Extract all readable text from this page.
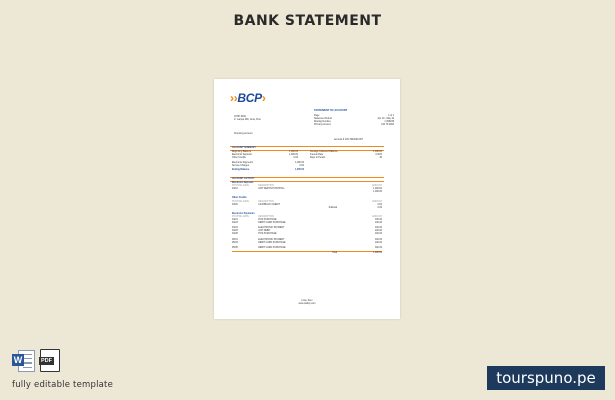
BANK STATEMENT
››BCP›
STATEMENT OF ACCOUNT
JOHN DOE
Jr. Lampa 499, Lima, Peru
Page	1 of 1
Statement Period	Apr 10 - May 10
Routing Number	1 066238
Primary Account	193 79 4000
Checking Account
Account # 193-7940000-067
ACCOUNT SUMMARY
Beginning Balance	1,000.00	Average Collected Balance	1,000.00
Electronic Deposits	1,000.00	Interest Rate	0.00%
Other Credits	0.00	Days in Period	30
Electronic Payments	1,000.00
Service Charges	0.00
Ending Balance	1,000.00
ACCOUNT ACTIVITY
Electronic Deposits
POSTING DATE	DESCRIPTION	AMOUNT
04/10	ACH DEPOSIT PAYROLL	1,000.00
1,000.00
Other Credits
POSTING DATE	DESCRIPTION	AMOUNT
04/20	CASHBACK CREDIT	0.00
Subtotal	0.00
Electronic Payments
POSTING DATE	DESCRIPTION	AMOUNT
04/21	POS PURCHASE	100.00
04/23	DEBIT CARD PURCHASE	100.00
04/24	ELECTRONIC PAYMENT	100.00
04/25	ACH DEBIT	100.00
04/28	POS PURCHASE	100.00
05/01	ELECTRONIC PAYMENT	100.00
05/03	DEBIT CARD PURCHASE	100.00
05/05	DEBIT CARD PURCHASE	300.00
Total	1,000.00
Lima, Peru
www.viabcp.com
W	PDF
fully editable template	tourspuno.pe
